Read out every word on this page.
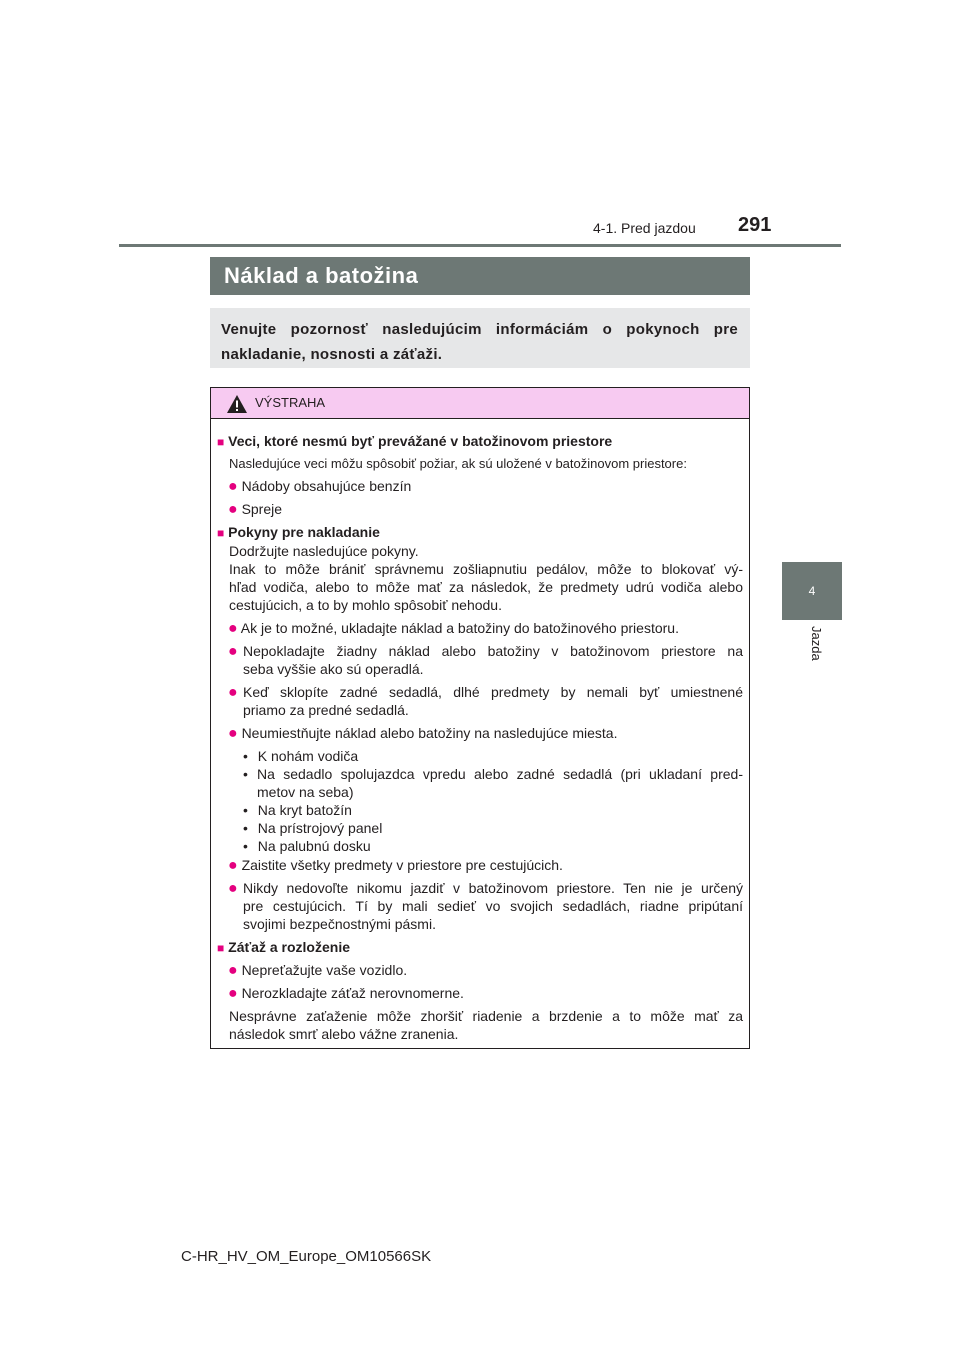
4-1. Pred jazdou 291
4
Jazda
Náklad a batožina
Venujte pozornosť nasledujúcim informáciám o pokynoch pre nakladanie, nosnosti a záťaži.
VÝSTRAHA
■ Veci, ktoré nesmú byť prevážané v batožinovom priestore
Nasledujúce veci môžu spôsobiť požiar, ak sú uložené v batožinovom priestore:
● Nádoby obsahujúce benzín
● Spreje
■ Pokyny pre nakladanie
Dodržujte nasledujúce pokyny.
Inak to môže brániť správnemu zošliapnutiu pedálov, môže to blokovať vý-
hľad vodiča, alebo to môže mať za následok, že predmety udrú vodiča alebo
cestujúcich, a to by mohlo spôsobiť nehodu.
● Ak je to možné, ukladajte náklad a batožiny do batožinového priestoru.
● Nepokladajte žiadny náklad alebo batožiny v batožinovom priestore na
seba vyššie ako sú operadlá.
● Keď sklopíte zadné sedadlá, dlhé predmety by nemali byť umiestnené
priamo za predné sedadlá.
● Neumiestňujte náklad alebo batožiny na nasledujúce miesta.
• K nohám vodiča
• Na sedadlo spolujazdca vpredu alebo zadné sedadlá (pri ukladaní pred-
metov na seba)
• Na kryt batožín
• Na prístrojový panel
• Na palubnú dosku
● Zaistite všetky predmety v priestore pre cestujúcich.
● Nikdy nedovoľte nikomu jazdiť v batožinovom priestore. Ten nie je určený
pre cestujúcich. Tí by mali sedieť vo svojich sedadlách, riadne pripútaní
svojimi bezpečnostnými pásmi.
■ Záťaž a rozloženie
● Nepreťažujte vaše vozidlo.
● Nerozkladajte záťaž nerovnomerne.
Nesprávne zaťaženie môže zhoršiť riadenie a brzdenie a to môže mať za
následok smrť alebo vážne zranenia.
C-HR_HV_OM_Europe_OM10566SK
